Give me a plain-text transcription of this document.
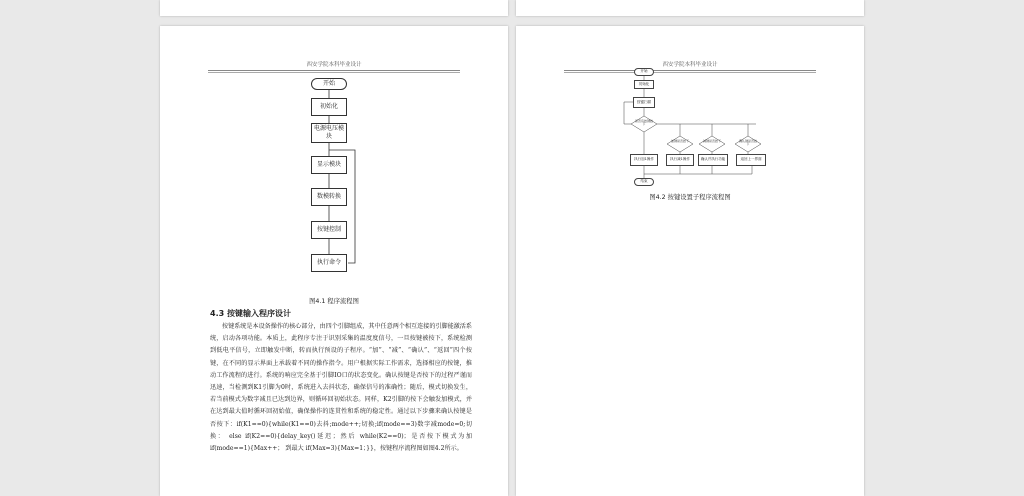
西安学院本科毕业设计
开始
初始化
电源电压模块
显示模块
数模转换
按键控制
执行命令
图4.1 程序流程图
4.3 按键输入程序设计

按键系统是本设备操作的核心部分，由四个引脚组成，其中任意两个相互连接的引脚能激活系统，启动各项功能。本质上，此程序专注于识别采集的温度度信号，一旦按键被按下，系统检测到低电平信号，立即触发中断，转而执行预设的子程序。“加”、“减”、“确认”、“返回”四个按键，在不同的显示界面上承载着不同的操作指令。用户根据实际工作需求，选择相应的按键，推动工作流程的进行。系统的响应完全基于引脚IO口的状态变化。确认按键是否按下的过程严谨而迅速，当检测到K1引脚为0时，系统进入去抖状态，确保信号的准确性；随后，模式切换发生，若当前模式为数字减且已达到边界，则循环回初始状态。同样，K2引脚的按下会触发加模式，并在达到最大值时循环回初始值，确保操作的连贯性和系统的稳定性。通过以下步骤来确认按键是否按下：if(K1==0){while(K1==0)去抖;mode++;切换;if(mode==3)数字减mode=0;切换： else if(K2==0){delay_key()延迟；然后 while(K2==0)；是否按下模式为加if(mode==1){Max++； 到最大 if(Max=3){Max=1；}}，按键程序流程图如图4.2所示。

西安学院本科毕业设计
开始
初始化
按键扫描
是否有按键按下
加键是否按下	减键是否按下	确认键是否按下
执行加1操作	执行减1操作	确认并执行功能	返回上一界面
结束
图4.2 按键设置子程序流程图
